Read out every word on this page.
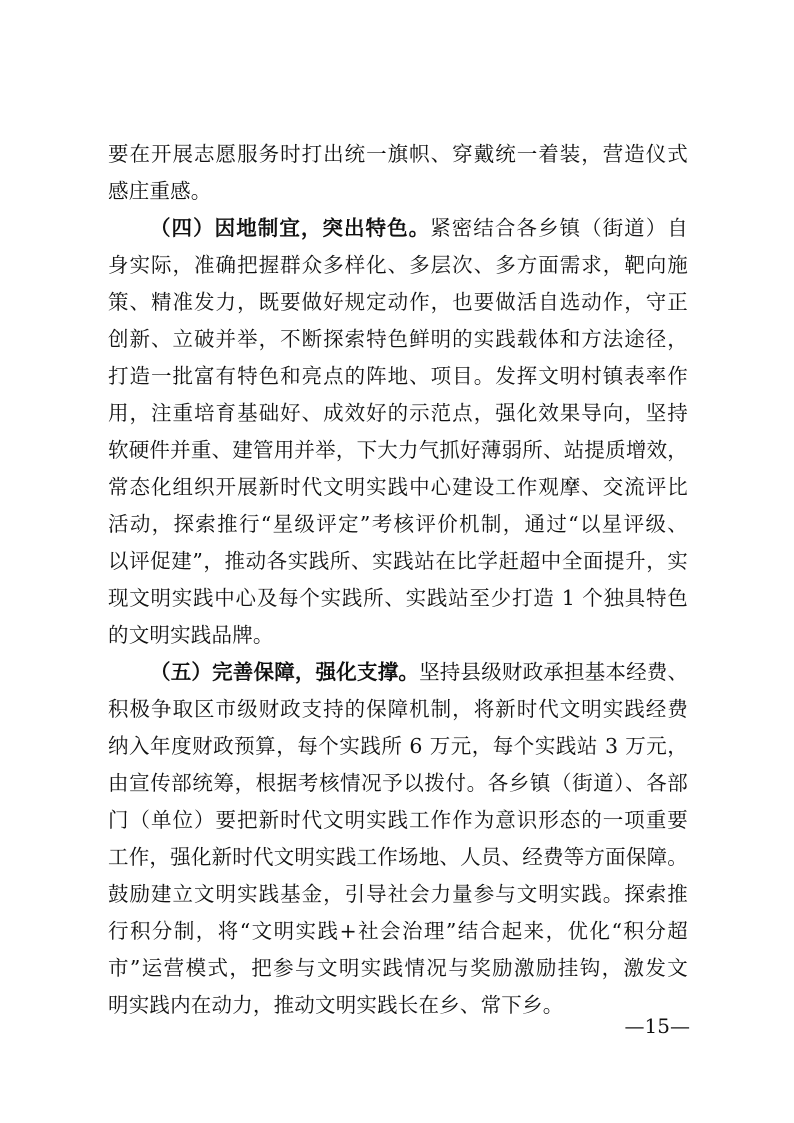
要在开展志愿服务时打出统一旗帜、穿戴统一着装，营造仪式
感庄重感。
（四）因地制宜，突出特色。紧密结合各乡镇（街道）自
身实际，准确把握群众多样化、多层次、多方面需求，靶向施
策、精准发力，既要做好规定动作，也要做活自选动作，守正
创新、立破并举，不断探索特色鲜明的实践载体和方法途径，
打造一批富有特色和亮点的阵地、项目。发挥文明村镇表率作
用，注重培育基础好、成效好的示范点，强化效果导向，坚持
软硬件并重、建管用并举，下大力气抓好薄弱所、站提质增效，
常态化组织开展新时代文明实践中心建设工作观摩、交流评比
活动，探索推行“星级评定”考核评价机制，通过“以星评级、
以评促建”，推动各实践所、实践站在比学赶超中全面提升，实
现文明实践中心及每个实践所、实践站至少打造 1 个独具特色
的文明实践品牌。
（五）完善保障，强化支撑。坚持县级财政承担基本经费、
积极争取区市级财政支持的保障机制，将新时代文明实践经费
纳入年度财政预算，每个实践所 6 万元，每个实践站 3 万元，
由宣传部统筹，根据考核情况予以拨付。各乡镇（街道）、各部
门（单位）要把新时代文明实践工作作为意识形态的一项重要
工作，强化新时代文明实践工作场地、人员、经费等方面保障。
鼓励建立文明实践基金，引导社会力量参与文明实践。探索推
行积分制，将“文明实践+社会治理”结合起来，优化“积分超
市”运营模式，把参与文明实践情况与奖励激励挂钩，激发文
明实践内在动力，推动文明实践长在乡、常下乡。
—15—
